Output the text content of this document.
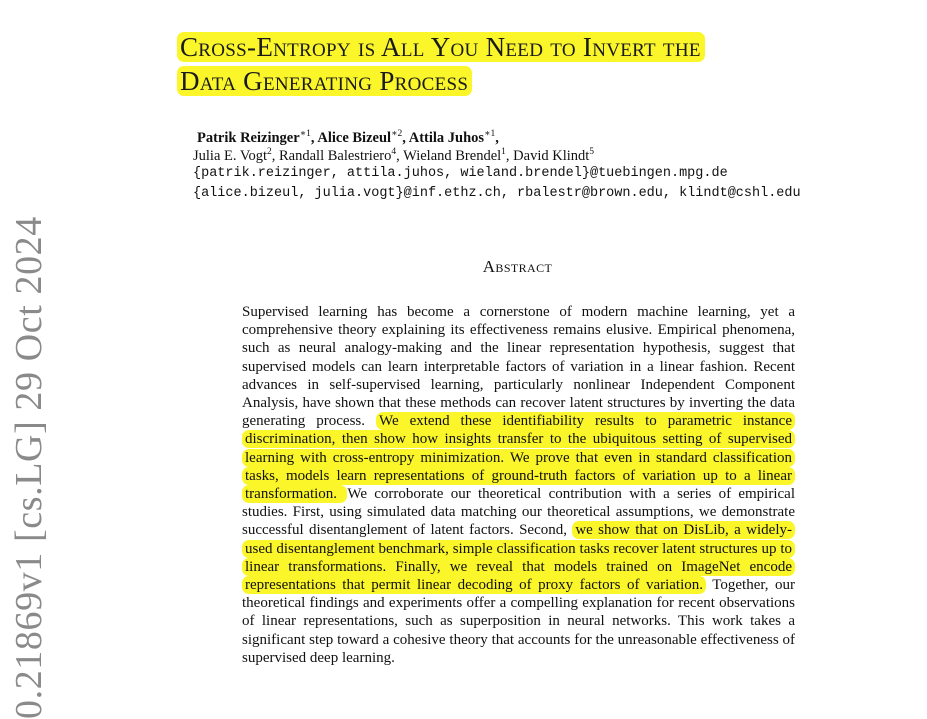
0.21869v1 [cs.LG] 29 Oct 2024
Cross-Entropy is All You Need to Invert the
Data Generating Process
Patrik Reizinger$^{∗1}$, Alice Bizeul$^{∗2}$, Attila Juhos$^{∗1}$,
Julia E. Vogt$^2$, Randall Balestriero$^4$, Wieland Brendel$^1$, David Klindt$^5$
{patrik.reizinger, attila.juhos, wieland.brendel}@tuebingen.mpg.de
{alice.bizeul, julia.vogt}@inf.ethz.ch, rbalestr@brown.edu, klindt@cshl.edu
Abstract
Supervised learning has become a cornerstone of modern machine learning, yet a comprehensive theory explaining its effectiveness remains elusive. Empirical phenomena, such as neural analogy-making and the linear representation hypothesis, suggest that supervised models can learn interpretable factors of variation in a linear fashion. Recent advances in self-supervised learning, particularly nonlinear Independent Component Analysis, have shown that these methods can recover latent structures by inverting the data generating process. We extend these identifiability results to parametric instance discrimination, then show how insights transfer to the ubiquitous setting of supervised learning with cross-entropy minimization. We prove that even in standard classification tasks, models learn representations of ground-truth factors of variation up to a linear transformation. We corroborate our theoretical contribution with a series of empirical studies. First, using simulated data matching our theoretical assumptions, we demonstrate successful disentanglement of latent factors. Second, we show that on DisLib, a widely-used disentanglement benchmark, simple classification tasks recover latent structures up to linear transformations. Finally, we reveal that models trained on ImageNet encode representations that permit linear decoding of proxy factors of variation. Together, our theoretical findings and experiments offer a compelling explanation for recent observations of linear representations, such as superposition in neural networks. This work takes a significant step toward a cohesive theory that accounts for the unreasonable effectiveness of supervised deep learning.
